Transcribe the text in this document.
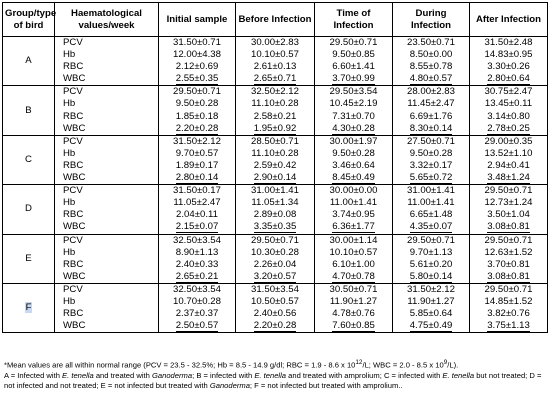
Group/type of bird	Haematological values/week	Initial sample	Before Infection	Time of Infection	During Infection	After Infection
A	PCV	31.50±0.71	30.00±2.83	29.50±0.71	23.50±0.71	31.50±2.48
	Hb	12.00±4.38	10.10±0.57	9.50±0.85	8.50±0.00	14.83±0.95
	RBC	2.12±0.69	2.61±0.13	6.60±1.41	8.55±0.78	3.30±0.26
	WBC	2.55±0.35	2.65±0.71	3.70±0.99	4.80±0.57	2.80±0.64
B	PCV	29.50±0.71	32.50±2.12	29.50±3.54	28.00±2.83	30.75±2.47
	Hb	9.50±0.28	11.10±0.28	10.45±2.19	11.45±2.47	13.45±0.11
	RBC	1.85±0.18	2.58±0.21	7.31±0.70	6.69±1.76	3.14±0.80
	WBC	2.20±0.28	1.95±0.92	4.30±0.28	8.30±0.14	2.78±0.25
C	PCV	31.50±2.12	28.50±0.71	30.00±1.97	27.50±0.71	29.00±0.35
	Hb	9.70±0.57	11.10±0.28	9.50±0.28	9.50±0.28	13.52±1.10
	RBC	1.89±0.17	2.59±0.42	3.46±0.64	3.32±0.17	2.94±0.41
	WBC	2.80±0.14	2.90±0.14	8.45±0.49	5.65±0.72	3.48±1.24
D	PCV	31.50±0.17	31.00±1.41	30.00±0.00	31.00±1.41	29.50±0.71
	Hb	11.05±2.47	11.05±1.34	11.00±1.41	11.00±1.41	12.73±1.24
	RBC	2.04±0.11	2.89±0.08	3.74±0.95	6.65±1.48	3.50±1.04
	WBC	2.15±0.07	3.35±0.35	6.36±1.77	4.35±0.07	3.08±0.81
E	PCV	32.50±3.54	29.50±0.71	30.00±1.14	29.50±0.71	29.50±0.71
	Hb	8.90±1.13	10.30±0.28	10.10±0.57	9.70±1.13	12.63±1.52
	RBC	2.40±0.33	2.26±0.04	6.10±1.00	5.61±0.20	3.70±0.81
	WBC	2.65±0.21	3.20±0.57	4.70±0.78	5.80±0.14	3.08±0.81
F	PCV	32.50±3.54	31.50±3.54	30.50±0.71	31.50±2.12	29.50±0.71
	Hb	10.70±0.28	10.50±0.57	11.90±1.27	11.90±1.27	14.85±1.52
	RBC	2.37±0.37	2.40±0.56	4.78±0.76	5.85±0.64	3.82±0.76
	WBC	2.50±0.57	2.20±0.28	7.60±0.85	4.75±0.49	3.75±1.13

*Mean values are all within normal range (PCV = 23.5 - 32.5%; Hb = 8.5 - 14.9 g/dl; RBC = 1.9 - 8.6 x $10^{12}/L$; WBC = 2.0 - 8.5 x $10^9/L$).

A = Infected with E. tenella and treated with Ganoderma; B = infected with E. tenella and treated with amprolium; C = infected with E. tenella but not treated; D = not infected and not treated; E = not infected but treated with Ganoderma; F = not infected but treated with amprolium..
